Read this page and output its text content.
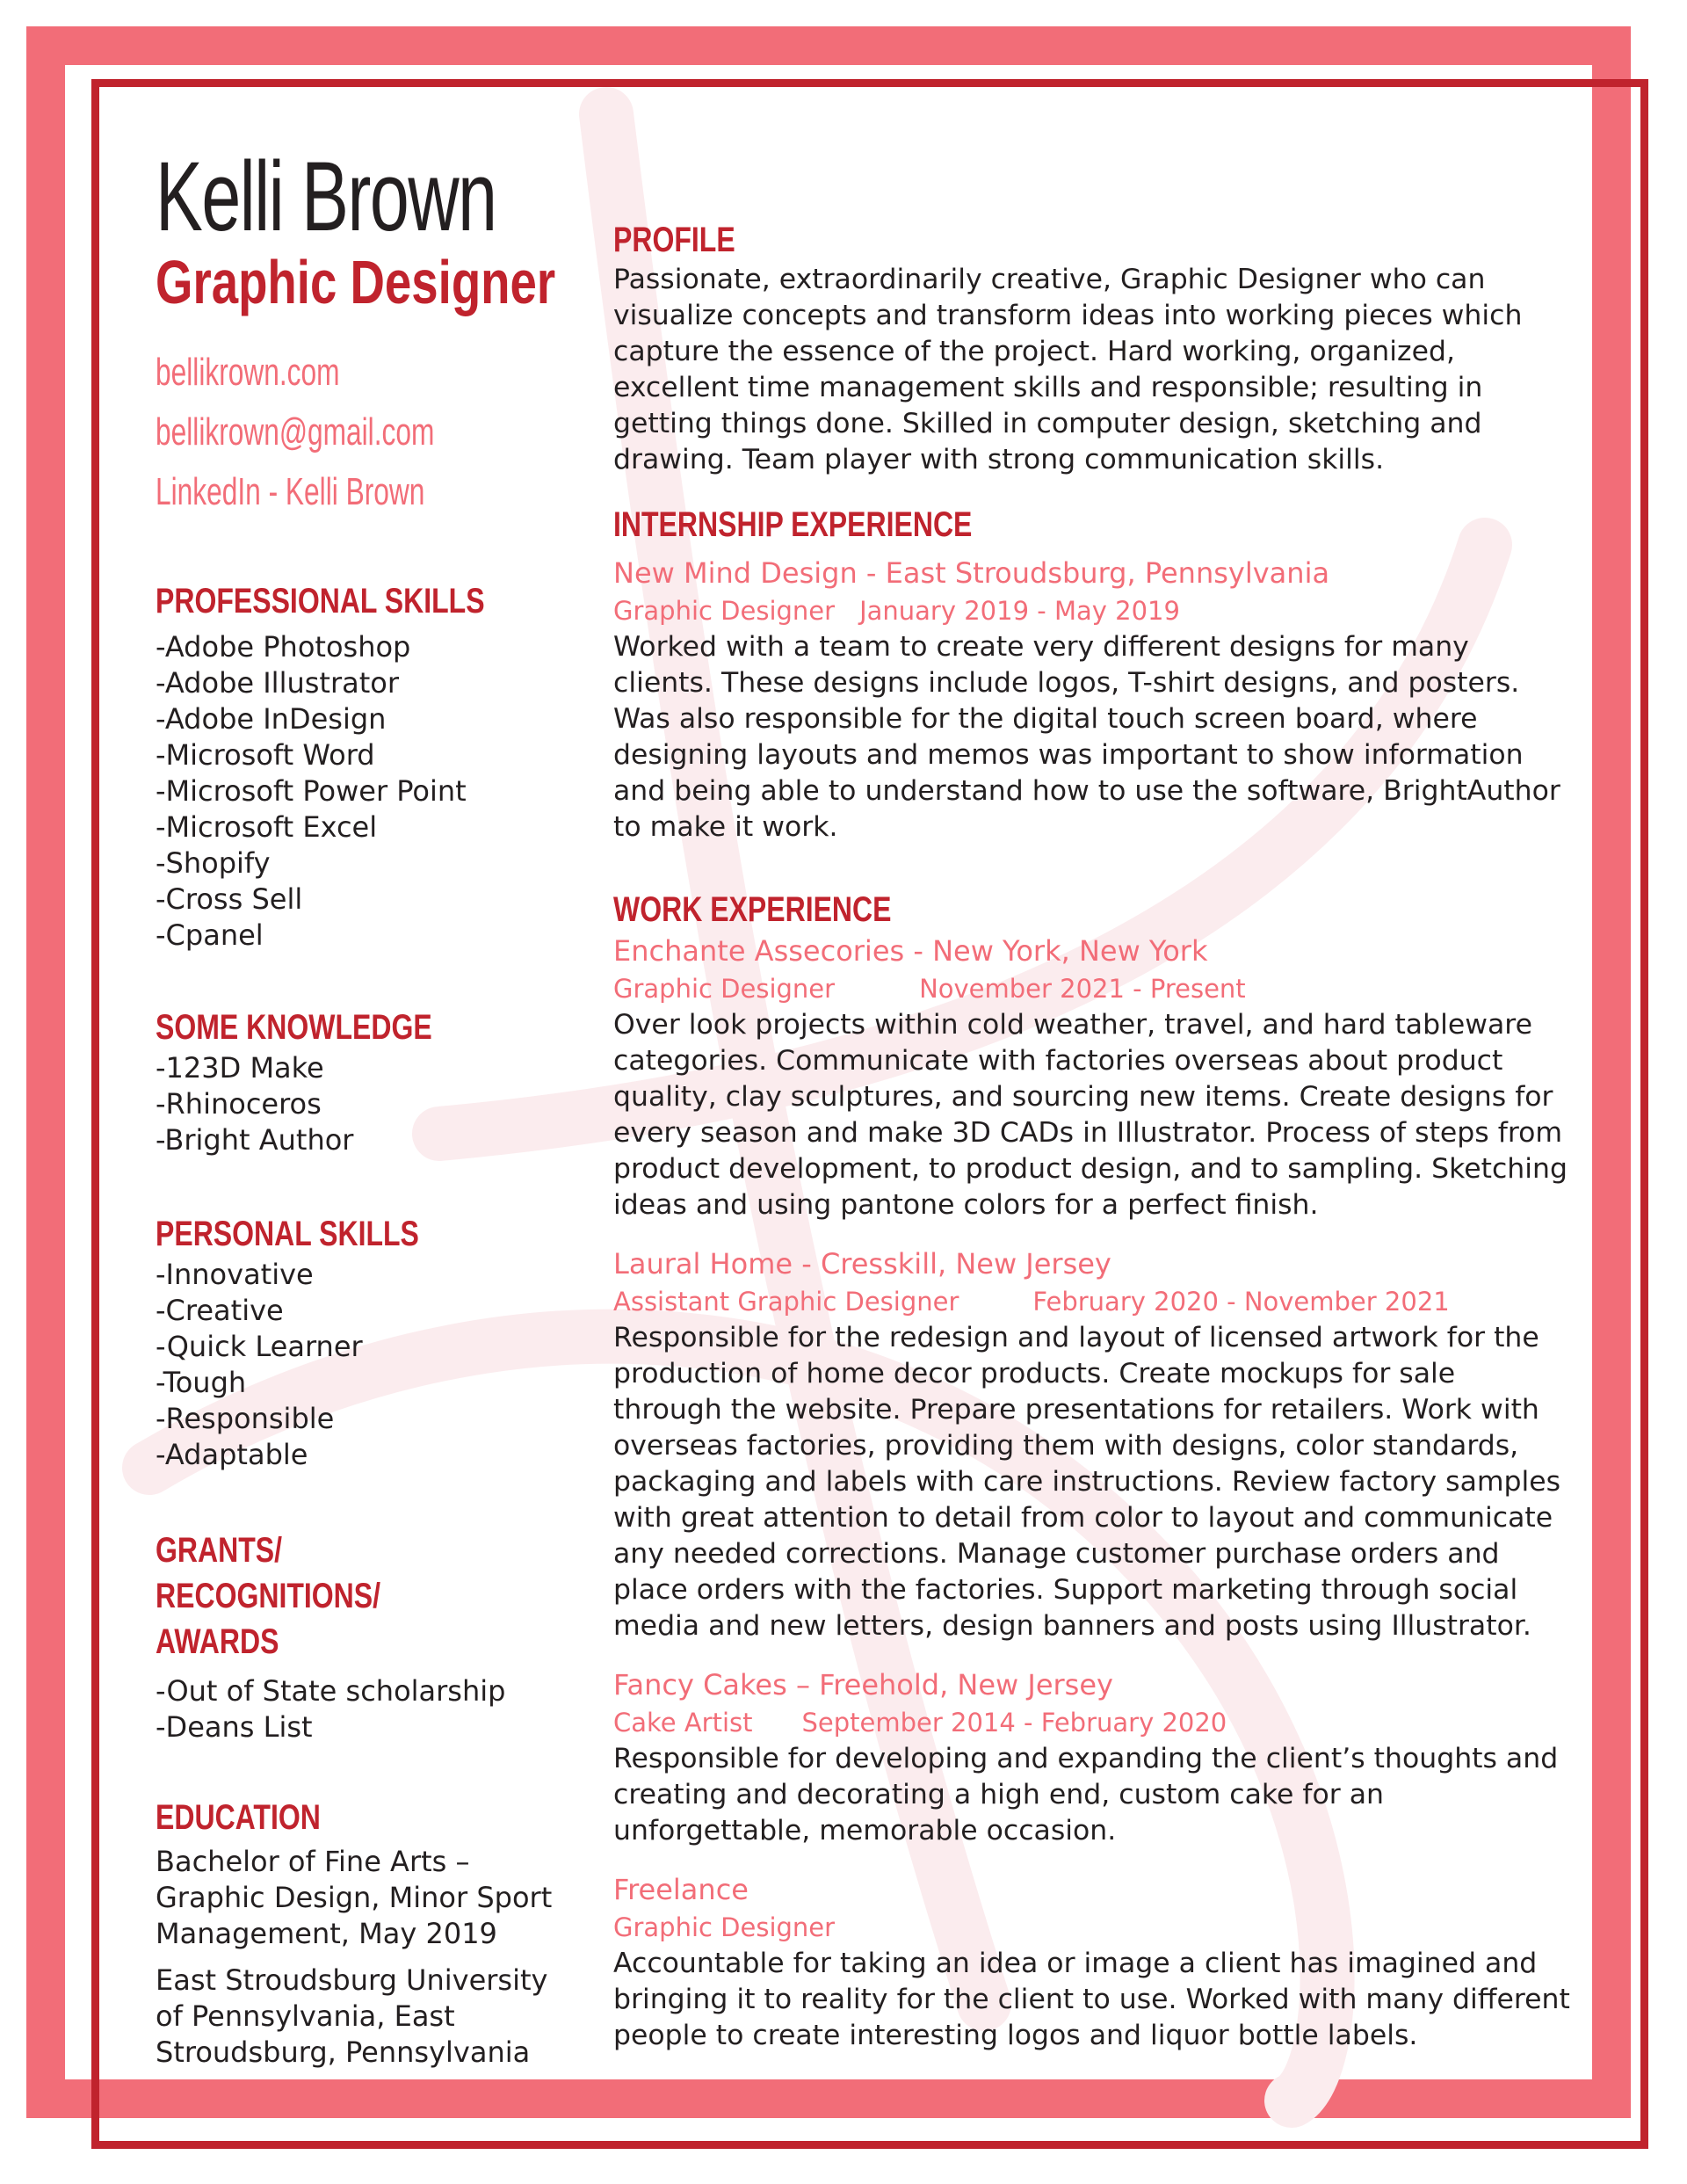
Kelli Brown
Graphic Designer
bellikrown.com
bellikrown@gmail.com
LinkedIn - Kelli Brown
PROFESSIONAL SKILLS
-Adobe Photoshop
-Adobe Illustrator
-Adobe InDesign
-Microsoft Word
-Microsoft Power Point
-Microsoft Excel
-Shopify
-Cross Sell
-Cpanel
SOME KNOWLEDGE
-123D Make
-Rhinoceros
-Bright Author
PERSONAL SKILLS
-Innovative
-Creative
-Quick Learner
-Tough
-Responsible
-Adaptable
GRANTS/
RECOGNITIONS/
AWARDS
-Out of State scholarship
-Deans List
EDUCATION
Bachelor of Fine Arts – Graphic Design, Minor Sport Management, May 2019
East Stroudsburg University of Pennsylvania, East Stroudsburg, Pennsylvania
PROFILE
Passionate, extraordinarily creative, Graphic Designer who can visualize concepts and transform ideas into working pieces which capture the essence of the project. Hard working, organized, excellent time management skills and responsible; resulting in getting things done. Skilled in computer design, sketching and drawing. Team player with strong communication skills.
INTERNSHIP EXPERIENCE
New Mind Design - East Stroudsburg, Pennsylvania
Graphic Designer January 2019 - May 2019
Worked with a team to create very different designs for many clients. These designs include logos, T-shirt designs, and posters. Was also responsible for the digital touch screen board, where designing layouts and memos was important to show information and being able to understand how to use the software, BrightAuthor to make it work.
WORK EXPERIENCE
Enchante Assecories - New York, New York
Graphic Designer	November 2021 - Present
Over look projects within cold weather, travel, and hard tableware categories. Communicate with factories overseas about product quality, clay sculptures, and sourcing new items. Create designs for every season and make 3D CADs in Illustrator. Process of steps from product development, to product design, and to sampling. Sketching ideas and using pantone colors for a perfect finish.
Laural Home - Cresskill, New Jersey
Assistant Graphic Designer	February 2020 - November 2021
Responsible for the redesign and layout of licensed artwork for the production of home decor products. Create mockups for sale through the website. Prepare presentations for retailers. Work with overseas factories, providing them with designs, color standards, packaging and labels with care instructions. Review factory samples with great attention to detail from color to layout and communicate any needed corrections. Manage customer purchase orders and place orders with the factories. Support marketing through social media and new letters, design banners and posts using Illustrator.
Fancy Cakes – Freehold, New Jersey
Cake Artist September 2014 - February 2020
Responsible for developing and expanding the client’s thoughts and creating and decorating a high end, custom cake for an unforgettable, memorable occasion.
Freelance
Graphic Designer
Accountable for taking an idea or image a client has imagined and bringing it to reality for the client to use. Worked with many different people to create interesting logos and liquor bottle labels.
